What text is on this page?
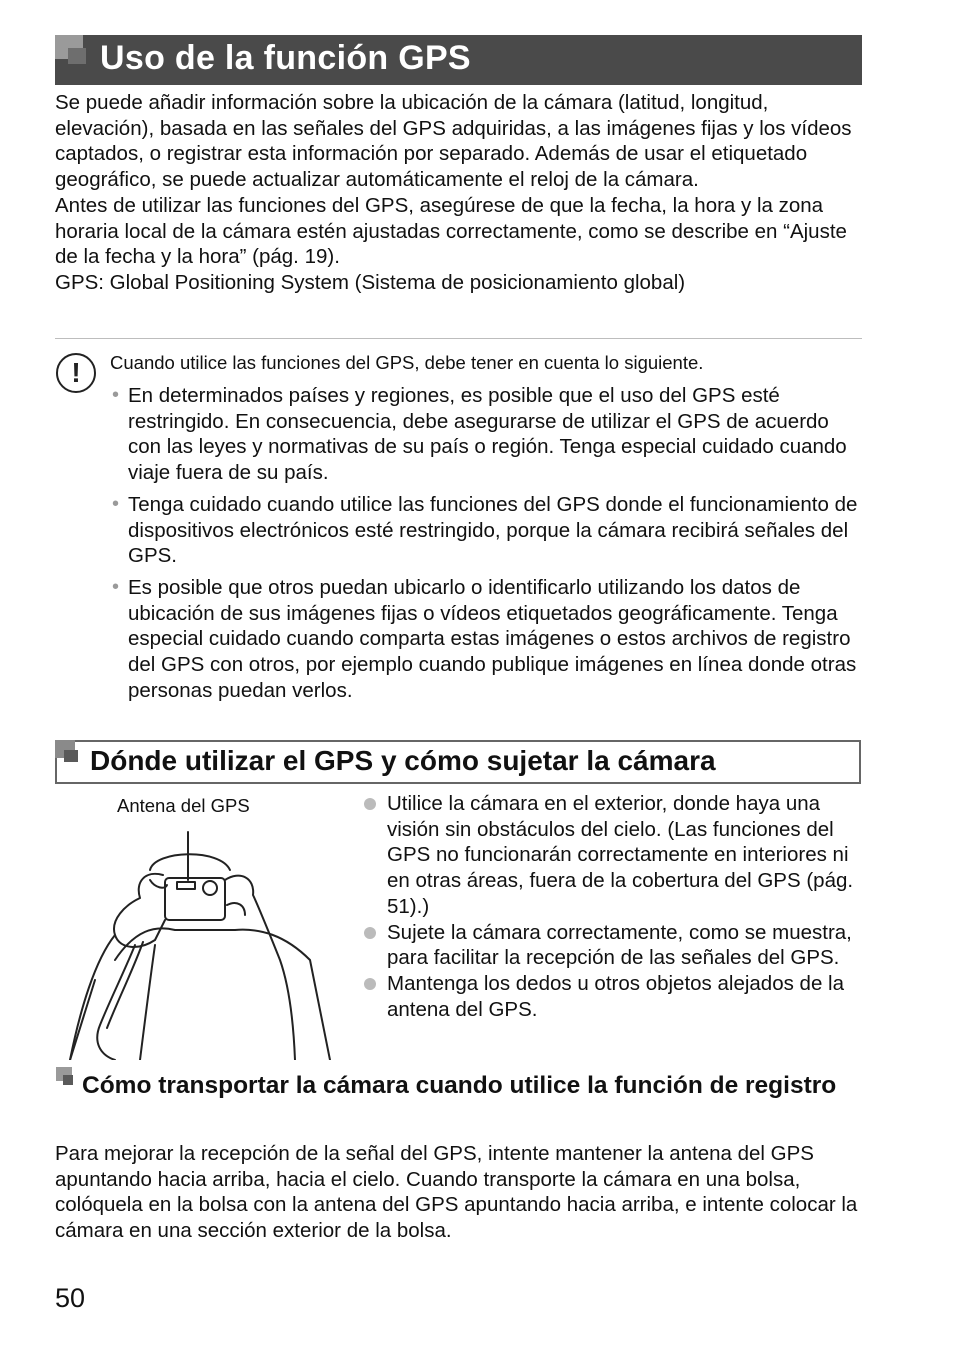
Uso de la función GPS

Se puede añadir información sobre la ubicación de la cámara (latitud, longitud, elevación), basada en las señales del GPS adquiridas, a las imágenes fijas y los vídeos captados, o registrar esta información por separado. Además de usar el etiquetado geográfico, se puede actualizar automáticamente el reloj de la cámara.

Antes de utilizar las funciones del GPS, asegúrese de que la fecha, la hora y la zona horaria local de la cámara estén ajustadas correctamente, como se describe en “Ajuste de la fecha y la hora” (pág. 19).

GPS: Global Positioning System (Sistema de posicionamiento global)

!	Cuando utilice las funciones del GPS, debe tener en cuenta lo siguiente.
• En determinados países y regiones, es posible que el uso del GPS esté restringido. En consecuencia, debe asegurarse de utilizar el GPS de acuerdo con las leyes y normativas de su país o región. Tenga especial cuidado cuando viaje fuera de su país.
• Tenga cuidado cuando utilice las funciones del GPS donde el funcionamiento de dispositivos electrónicos esté restringido, porque la cámara recibirá señales del GPS.
• Es posible que otros puedan ubicarlo o identificarlo utilizando los datos de ubicación de sus imágenes fijas o vídeos etiquetados geográficamente. Tenga especial cuidado cuando comparta estas imágenes o estos archivos de registro del GPS con otros, por ejemplo cuando publique imágenes en línea donde otras personas puedan verlos.
Dónde utilizar el GPS y cómo sujetar la cámara
Antena del GPS	Utilice la cámara en el exterior, donde haya una visión sin obstáculos del cielo. (Las funciones del GPS no funcionarán correctamente en interiores ni en otras áreas, fuera de la cobertura del GPS (pág. 51).)
Sujete la cámara correctamente, como se muestra, para facilitar la recepción de las señales del GPS.
Mantenga los dedos u otros objetos alejados de la antena del GPS.
Cómo transportar la cámara cuando utilice la función de registro
Para mejorar la recepción de la señal del GPS, intente mantener la antena del GPS apuntando hacia arriba, hacia el cielo. Cuando transporte la cámara en una bolsa, colóquela en la bolsa con la antena del GPS apuntando hacia arriba, e intente colocar la cámara en una sección exterior de la bolsa.
50
